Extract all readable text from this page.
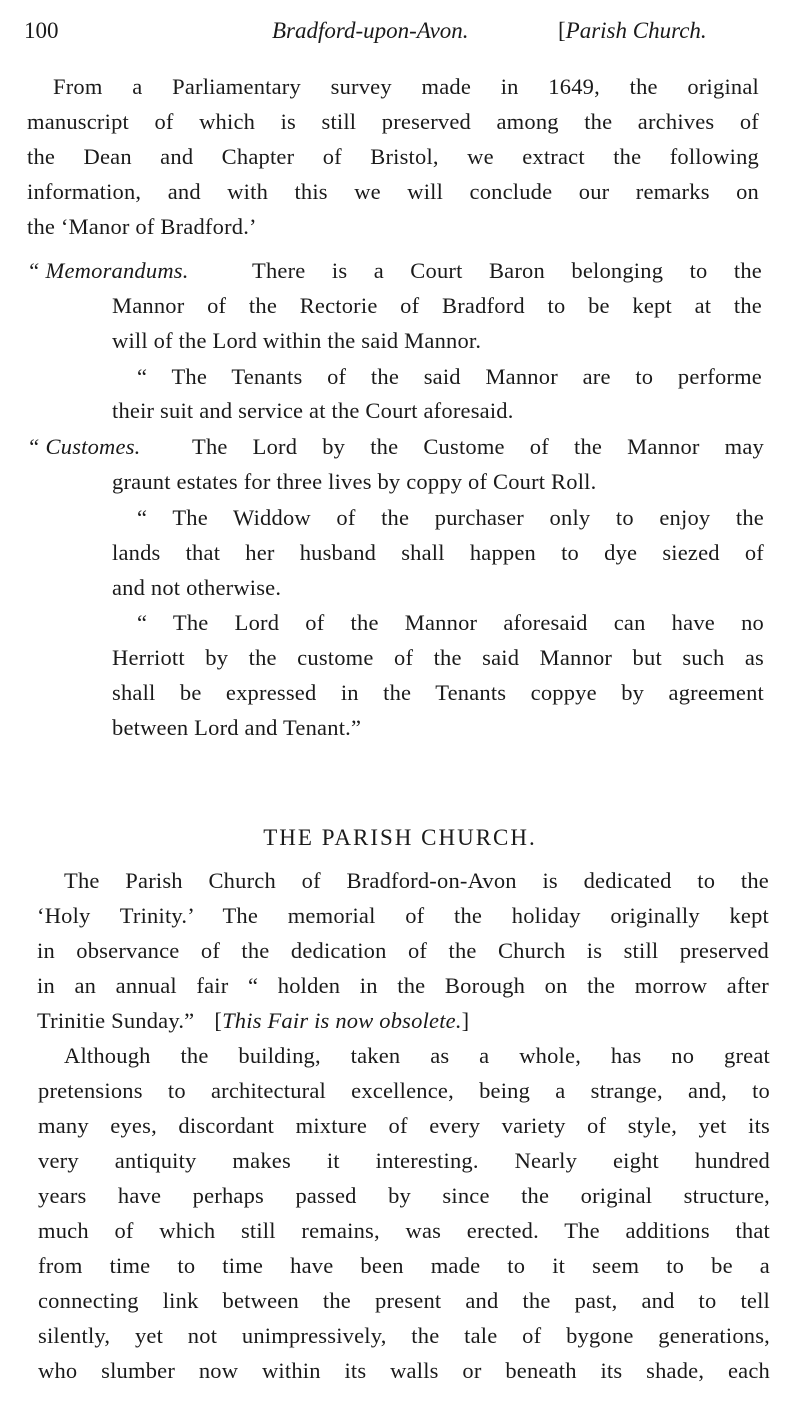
100	Bradford-upon-Avon.	[Parish Church.
From a Parliamentary survey made in 1649, the original
manuscript of which is still preserved among the archives of
the Dean and Chapter of Bristol, we extract the following
information, and with this we will conclude our remarks on
the ‘Manor of Bradford.’
“ Memorandums.	There is a Court Baron belonging to the
Mannor of the Rectorie of Bradford to be kept at the
will of the Lord within the said Mannor.
“ The Tenants of the said Mannor are to performe
their suit and service at the Court aforesaid.
“ Customes. The Lord by the Custome of the Mannor may
graunt estates for three lives by coppy of Court Roll.
“ The Widdow of the purchaser only to enjoy the
lands that her husband shall happen to dye siezed of
and not otherwise.
“ The Lord of the Mannor aforesaid can have no
Herriott by the custome of the said Mannor but such as
shall be expressed in the Tenants coppye by agreement
between Lord and Tenant.”
THE PARISH CHURCH.
The Parish Church of Bradford-on-Avon is dedicated to the
‘Holy Trinity.’ The memorial of the holiday originally kept
in observance of the dedication of the Church is still preserved
in an annual fair “ holden in the Borough on the morrow after
Trinitie Sunday.” [This Fair is now obsolete.]
Although the building, taken as a whole, has no great
pretensions to architectural excellence, being a strange, and, to
many eyes, discordant mixture of every variety of style, yet its
very antiquity makes it interesting. Nearly eight hundred
years have perhaps passed by since the original structure,
much of which still remains, was erected. The additions that
from time to time have been made to it seem to be a
connecting link between the present and the past, and to tell
silently, yet not unimpressively, the tale of bygone generations,
who slumber now within its walls or beneath its shade, each
